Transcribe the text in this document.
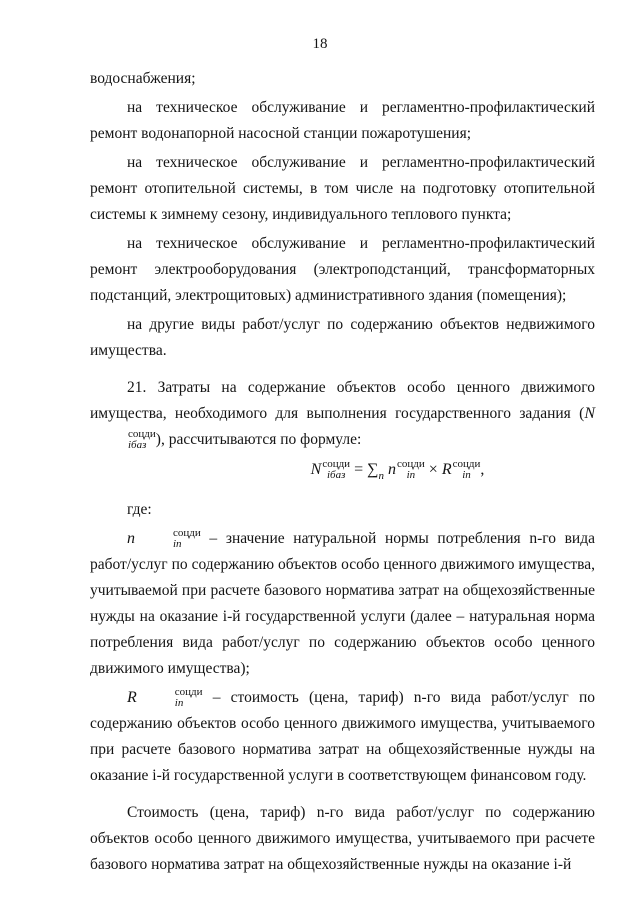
18

водоснабжения;

на техническое обслуживание и регламентно-профилактический ремонт водонапорной насосной станции пожаротушения;

на техническое обслуживание и регламентно-профилактический ремонт отопительной системы, в том числе на подготовку отопительной системы к зимнему сезону, индивидуального теплового пункта;

на техническое обслуживание и регламентно-профилактический ремонт электрооборудования (электроподстанций, трансформаторных подстанций, электрощитовых) административного здания (помещения);

на другие виды работ/услуг по содержанию объектов недвижимого имущества.

21. Затраты на содержание объектов особо ценного движимого имущества, необходимого для выполнения государственного задания (N
соцди
iбаз ), рассчитываются по формуле:

N соцди
iбаз = $\sum_n$ n соцди
in × R соцди
in ,

где:

n	соцди
in	– значение натуральной нормы потребления n-го вида работ/услуг по содержанию объектов особо ценного движимого имущества, учитываемой при расчете базового норматива затрат на общехозяйственные нужды на оказание i-й государственной услуги (далее – натуральная норма потребления вида работ/услуг по содержанию объектов особо ценного движимого имущества);

R	соцди
in	– стоимость (цена, тариф) n-го вида работ/услуг по содержанию объектов особо ценного движимого имущества, учитываемого при расчете базового норматива затрат на общехозяйственные нужды на оказание i-й государственной услуги в соответствующем финансовом году.

Стоимость (цена, тариф) n-го вида работ/услуг по содержанию объектов особо ценного движимого имущества, учитываемого при расчете базового норматива затрат на общехозяйственные нужды на оказание i-й
